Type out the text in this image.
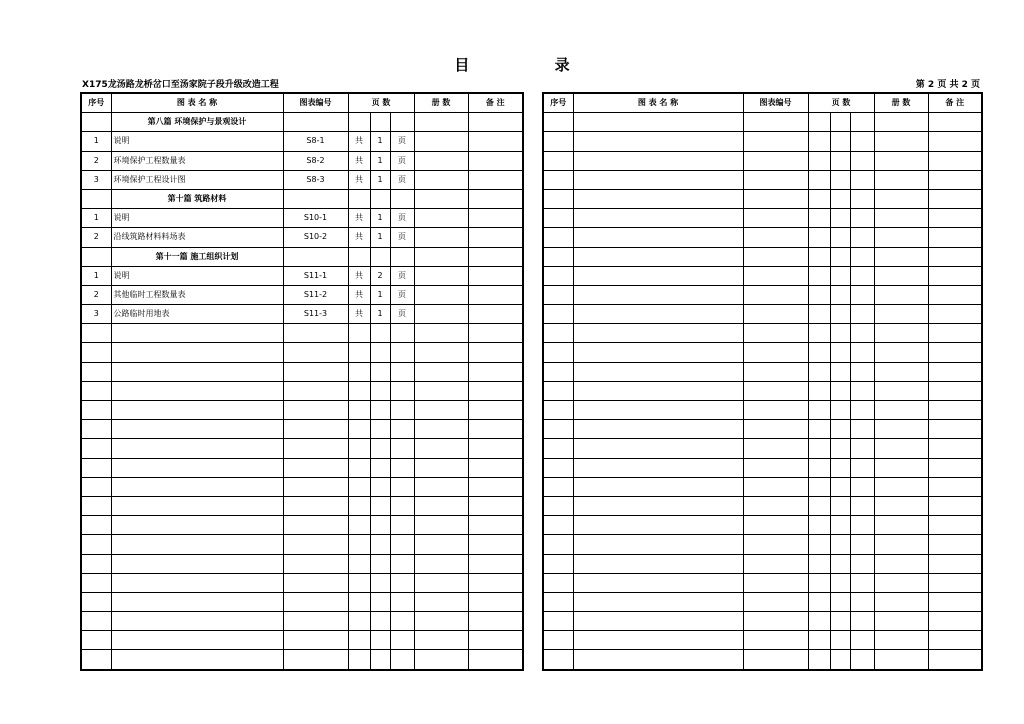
目 录
X175龙汤路龙桥岔口至汤家院子段升级改造工程	第 2 页 共 2 页
序号	图 表 名 称	图表编号	页 数			册 数	备 注
	第八篇 环境保护与景观设计						
1	说明	S8-1	共	1	页		
2	环境保护工程数量表	S8-2	共	1	页		
3	环境保护工程设计图	S8-3	共	1	页		
	第十篇 筑路材料						
1	说明	S10-1	共	1	页		
2	沿线筑路材料料场表	S10-2	共	1	页		
	第十一篇 施工组织计划						
1	说明	S11-1	共	2	页		
2	其他临时工程数量表	S11-2	共	1	页		
3	公路临时用地表	S11-3	共	1	页		

序号	图 表 名 称	图表编号	页 数			册 数	备 注
